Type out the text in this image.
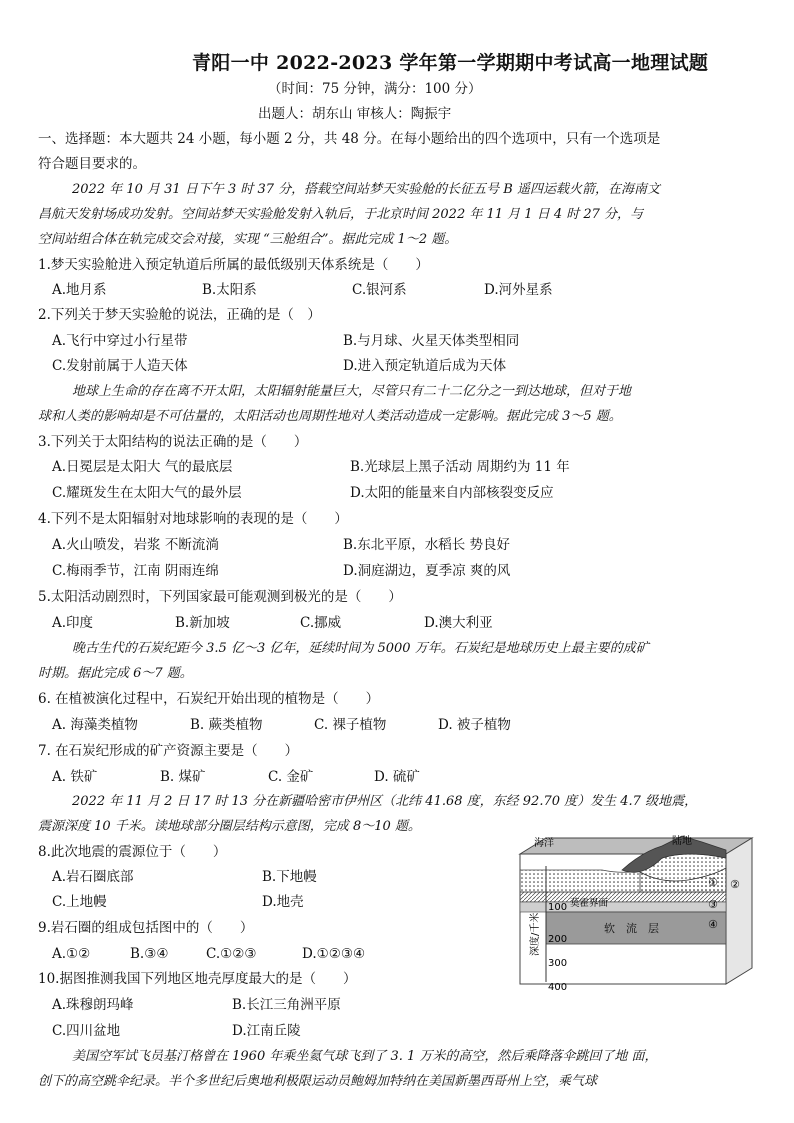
青阳一中 2022-2023 学年第一学期期中考试高一地理试题
（时间：75 分钟，满分：100 分）
出题人：胡东山 审核人：陶振宇
一、选择题：本大题共 24 小题，每小题 2 分，共 48 分。在每小题给出的四个选项中，只有一个选项是
符合题目要求的。
2022 年 10 月 31 日下午 3 时 37 分，搭载空间站梦天实验舱的长征五号 B 遥四运载火箭，在海南文
昌航天发射场成功发射。空间站梦天实验舱发射入轨后，于北京时间 2022 年 11 月 1 日 4 时 27 分，与
空间站组合体在轨完成交会对接，实现 “三舱组合”。据此完成 1～2 题。
1.梦天实验舱进入预定轨道后所属的最低级别天体系统是（　　）
A.地月系	B.太阳系	C.银河系	D.河外星系
2.下列关于梦天实验舱的说法，正确的是（　）
A.飞行中穿过小行星带	B.与月球、火星天体类型相同
C.发射前属于人造天体	D.进入预定轨道后成为天体
地球上生命的存在离不开太阳，太阳辐射能量巨大，尽管只有二十二亿分之一到达地球，但对于地
球和人类的影响却是不可估量的，太阳活动也周期性地对人类活动造成一定影响。据此完成 3～5 题。
3.下列关于太阳结构的说法正确的是（　　）
A.日冕层是太阳大 气的最底层	B.光球层上黑子活动 周期约为 11 年
C.耀斑发生在太阳大气的最外层	D.太阳的能量来自内部核裂变反应
4.下列不是太阳辐射对地球影响的表现的是（　　）
A.火山喷发，岩浆 不断流淌	B.东北平原，水稻长 势良好
C.梅雨季节，江南 阴雨连绵	D.洞庭湖边，夏季凉 爽的风
5.太阳活动剧烈时，下列国家最可能观测到极光的是（　　）
A.印度	B.新加坡	C.挪威	D.澳大利亚
晚古生代的石炭纪距今 3.5 亿～3 亿年，延续时间为 5000 万年。石炭纪是地球历史上最主要的成矿
时期。据此完成 6～7 题。
6. 在植被演化过程中，石炭纪开始出现的植物是（　　）
A. 海藻类植物	B. 蕨类植物	C. 裸子植物	D. 被子植物
7. 在石炭纪形成的矿产资源主要是（　　）
A. 铁矿	B. 煤矿	C. 金矿	D. 硫矿
2022 年 11 月 2 日 17 时 13 分在新疆哈密市伊州区（北纬 41.68 度，东经 92.70 度）发生 4.7 级地震，
震源深度 10 千米。读地球部分圈层结构示意图，完成 8～10 题。
8.此次地震的震源位于（　　）
A.岩石圈底部	B.下地幔
C.上地幔	D.地壳
9.岩石圈的组成包括图中的（　　）
A.①②	B.③④	C.①②③	D.①②③④
10.据图推测我国下列地区地壳厚度最大的是（　　）
A.珠穆朗玛峰	B.长江三角洲平原
C.四川盆地	D.江南丘陵
美国空军试飞员基汀格曾在 1960 年乘坐氦气球飞到了 3. 1 万米的高空，然后乘降落伞跳回了地 面，
创下的高空跳伞纪录。半个多世纪后奥地利极限运动员鲍姆加特纳在美国新墨西哥州上空，乘气球
海洋	陆地
莫霍界面
软　流　层
深度/千米
100
200
300
400
① ②
③
④
